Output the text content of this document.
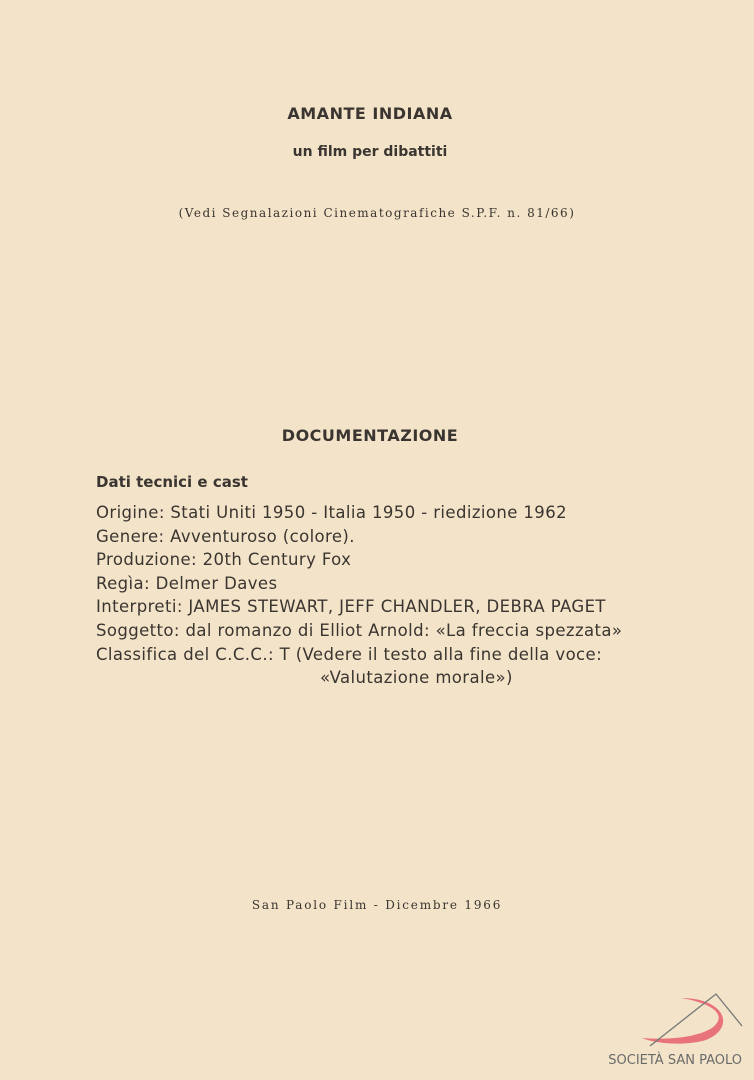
AMANTE INDIANA
un film per dibattiti
(Vedi Segnalazioni Cinematografiche S.P.F. n. 81/66)
DOCUMENTAZIONE
Dati tecnici e cast
Origine: Stati Uniti 1950 - Italia 1950 - riedizione 1962
Genere: Avventuroso (colore).
Produzione: 20th Century Fox
Regìa: Delmer Daves
Interpreti: JAMES STEWART, JEFF CHANDLER, DEBRA PAGET
Soggetto: dal romanzo di Elliot Arnold: «La freccia spezzata»
Classifica del C.C.C.: T (Vedere il testo alla fine della voce:
«Valutazione morale»)
San Paolo Film - Dicembre 1966
SOCIETÀ SAN PAOLO
